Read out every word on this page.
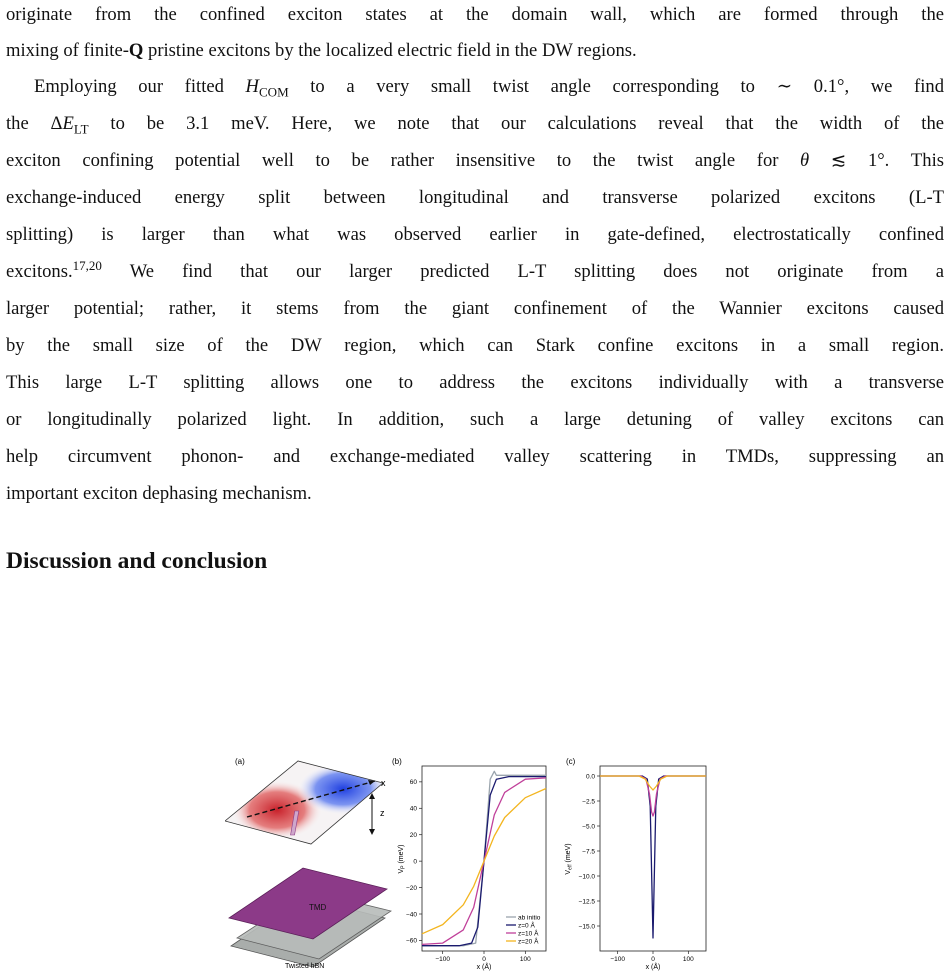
originate from the confined exciton states at the domain wall, which are formed through the
mixing of finite-Q pristine excitons by the localized electric field in the DW regions.
Employing our fitted $H_{COM}$ to a very small twist angle corresponding to ∼ 0.1°, we find
the $\Delta E_{LT}$ to be 3.1 meV. Here, we note that our calculations reveal that the width of the
exciton confining potential well to be rather insensitive to the twist angle for θ ≲ 1°. This
exchange-induced energy split between longitudinal and transverse polarized excitons (L-T
splitting) is larger than what was observed earlier in gate-defined, electrostatically confined
excitons.$^{17,20}$ We find that our larger predicted L-T splitting does not originate from a
larger potential; rather, it stems from the giant confinement of the Wannier excitons caused
by the small size of the DW region, which can Stark confine excitons in a small region.
This large L-T splitting allows one to address the excitons individually with a transverse
or longitudinally polarized light. In addition, such a large detuning of valley excitons can
help circumvent phonon- and exchange-mediated valley scattering in TMDs, suppressing an
important exciton dephasing mechanism.
Discussion and conclusion
(a)
TMD
x
z
Twisted hBN
(b)
−100	0	100
60
40
20
0
−20
−40
−60
ab initio
z=0 Å
z=10 Å
z=20 Å
$V_P$ (meV)
x (Å)
(c)
−100	0	100
0.0
−2.5
−5.0
−7.5
−10.0
−12.5
−15.0
$V_{eff}$ (meV)
x (Å)
